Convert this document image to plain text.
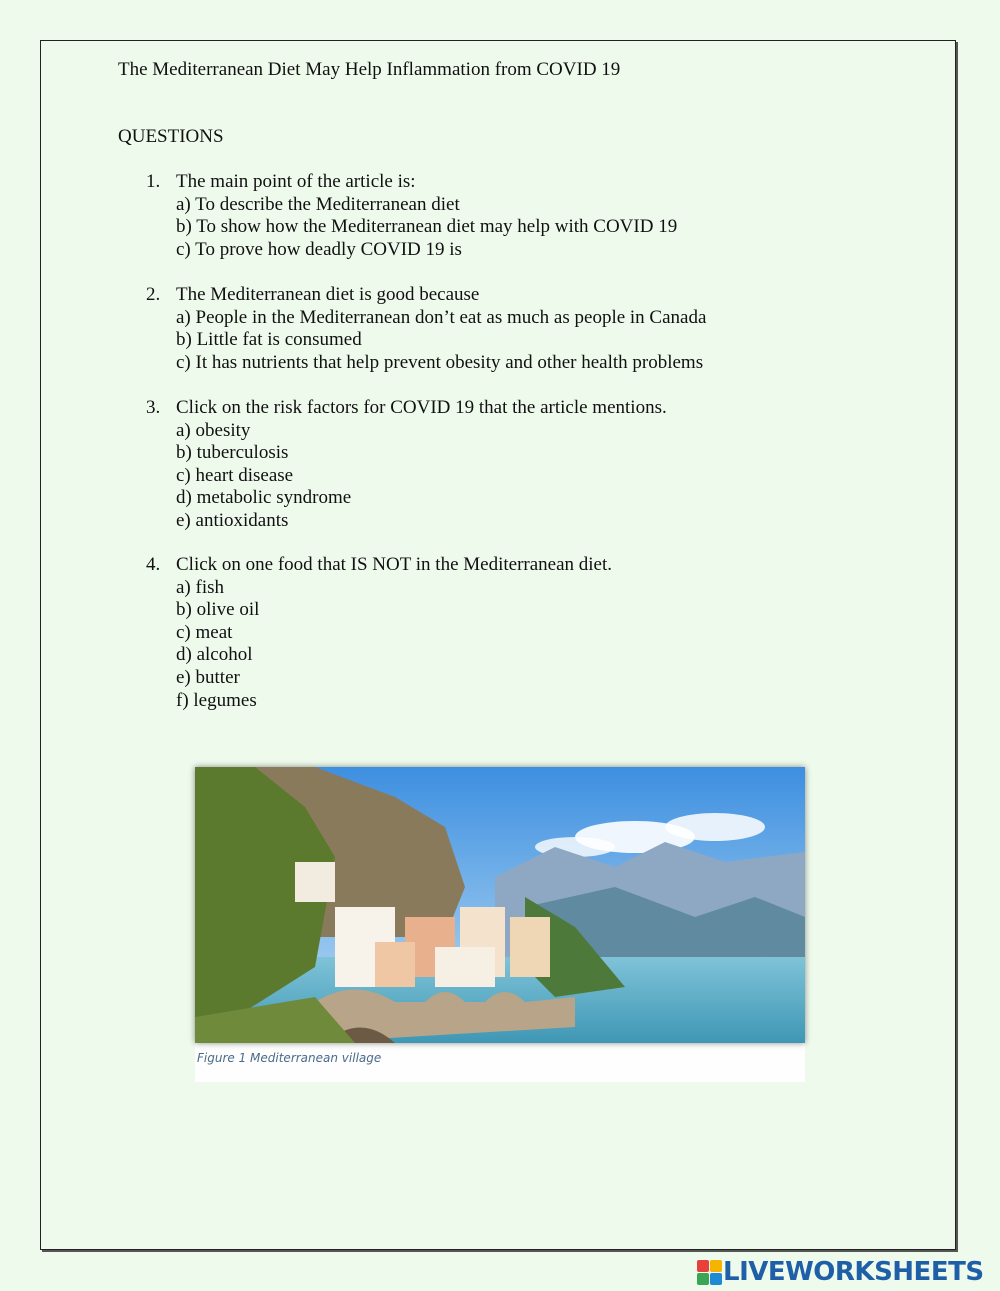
The Mediterranean Diet May Help Inflammation from COVID 19
QUESTIONS
1. The main point of the article is:
a) To describe the Mediterranean diet
b) To show how the Mediterranean diet may help with COVID 19
c) To prove how deadly COVID 19 is
2. The Mediterranean diet is good because
a) People in the Mediterranean don’t eat as much as people in Canada
b) Little fat is consumed
c) It has nutrients that help prevent obesity and other health problems
3. Click on the risk factors for COVID 19 that the article mentions.
a) obesity
b) tuberculosis
c) heart disease
d) metabolic syndrome
e) antioxidants
4. Click on one food that IS NOT in the Mediterranean diet.
a) fish
b) olive oil
c) meat
d) alcohol
e) butter
f) legumes
Figure 1 Mediterranean village
LIVEWORKSHEETS
